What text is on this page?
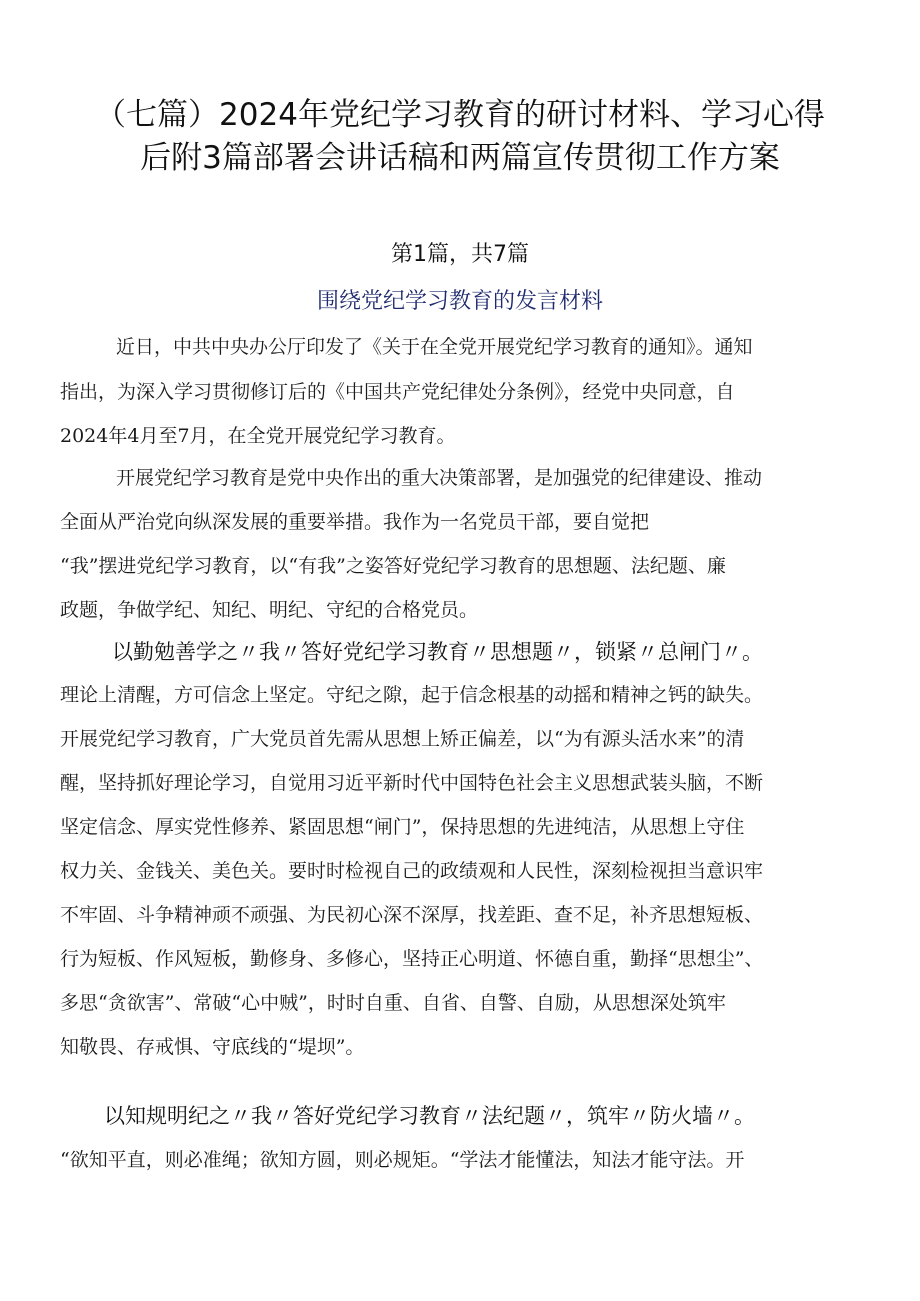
（七篇）2024年党纪学习教育的研讨材料、学习心得
后附3篇部署会讲话稿和两篇宣传贯彻工作方案
第1篇，共7篇
围绕党纪学习教育的发言材料
近日，中共中央办公厅印发了《关于在全党开展党纪学习教育的通知》。通知
指出，为深入学习贯彻修订后的《中国共产党纪律处分条例》，经党中央同意，自
2024年4月至7月，在全党开展党纪学习教育。
开展党纪学习教育是党中央作出的重大决策部署，是加强党的纪律建设、推动
全面从严治党向纵深发展的重要举措。我作为一名党员干部，要自觉把
“我”摆进党纪学习教育，以“有我”之姿答好党纪学习教育的思想题、法纪题、廉
政题，争做学纪、知纪、明纪、守纪的合格党员。
以勤勉善学之〃我〃答好党纪学习教育〃思想题〃，锁紧〃总闸门〃。
理论上清醒，方可信念上坚定。守纪之隙，起于信念根基的动摇和精神之钙的缺失。
开展党纪学习教育，广大党员首先需从思想上矫正偏差，以“为有源头活水来”的清
醒，坚持抓好理论学习，自觉用习近平新时代中国特色社会主义思想武装头脑，不断
坚定信念、厚实党性修养、紧固思想“闸门”，保持思想的先进纯洁，从思想上守住
权力关、金钱关、美色关。要时时检视自己的政绩观和人民性，深刻检视担当意识牢
不牢固、斗争精神顽不顽强、为民初心深不深厚，找差距、查不足，补齐思想短板、
行为短板、作风短板，勤修身、多修心，坚持正心明道、怀德自重，勤择“思想尘”、
多思“贪欲害”、常破“心中贼”，时时自重、自省、自警、自励，从思想深处筑牢
知敬畏、存戒惧、守底线的“堤坝”。
以知规明纪之〃我〃答好党纪学习教育〃法纪题〃，筑牢〃防火墙〃。
“欲知平直，则必准绳；欲知方圆，则必规矩。“学法才能懂法，知法才能守法。开
